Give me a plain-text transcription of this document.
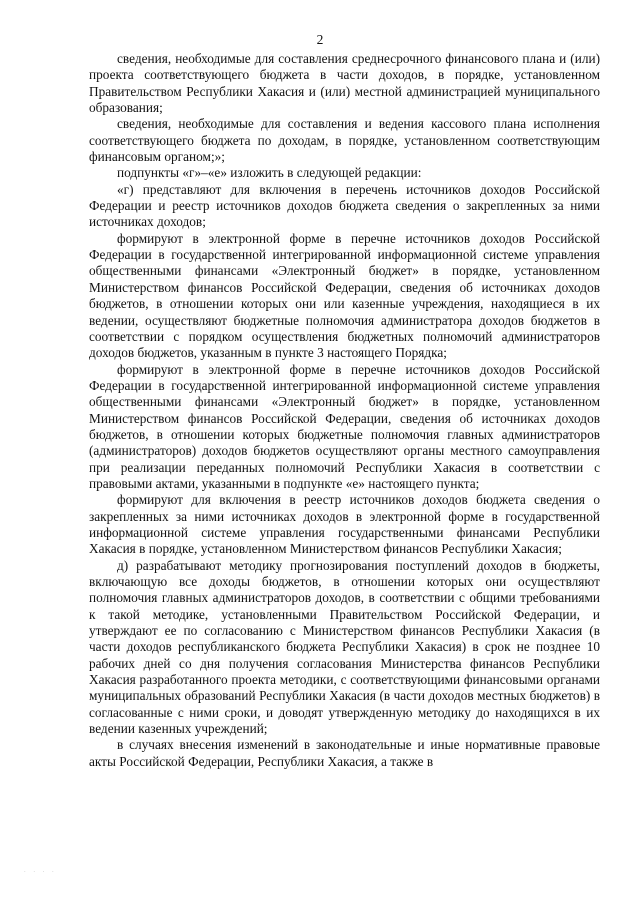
2

сведения, необходимые для составления среднесрочного финансового плана и (или) проекта соответствующего бюджета в части доходов, в порядке, установленном Правительством Республики Хакасия и (или) местной администрацией муниципального образования;

сведения, необходимые для составления и ведения кассового плана исполнения соответствующего бюджета по доходам, в порядке, установленном соответствующим финансовым органом;»;

подпункты «г»–«е» изложить в следующей редакции:

«г) представляют для включения в перечень источников доходов Российской Федерации и реестр источников доходов бюджета сведения о закрепленных за ними источниках доходов;

формируют в электронной форме в перечне источников доходов Российской Федерации в государственной интегрированной информационной системе управления общественными финансами «Электронный бюджет» в порядке, установленном Министерством финансов Российской Федерации, сведения об источниках доходов бюджетов, в отношении которых они или казенные учреждения, находящиеся в их ведении, осуществляют бюджетные полномочия администратора доходов бюджетов в соответствии с порядком осуществления бюджетных полномочий администраторов доходов бюджетов, указанным в пункте 3 настоящего Порядка;

формируют в электронной форме в перечне источников доходов Российской Федерации в государственной интегрированной информационной системе управления общественными финансами «Электронный бюджет» в порядке, установленном Министерством финансов Российской Федерации, сведения об источниках доходов бюджетов, в отношении которых бюджетные полномочия главных администраторов (администраторов) доходов бюджетов осуществляют органы местного самоуправления при реализации переданных полномочий Республики Хакасия в соответствии с правовыми актами, указанными в подпункте «е» настоящего пункта;

формируют для включения в реестр источников доходов бюджета сведения о закрепленных за ними источниках доходов в электронной форме в государственной информационной системе управления государственными финансами Республики Хакасия в порядке, установленном Министерством финансов Республики Хакасия;

д) разрабатывают методику прогнозирования поступлений доходов в бюджеты, включающую все доходы бюджетов, в отношении которых они осуществляют полномочия главных администраторов доходов, в соответствии с общими требованиями к такой методике, установленными Правительством Российской Федерации, и утверждают ее по согласованию с Министерством финансов Республики Хакасия (в части доходов республиканского бюджета Республики Хакасия) в срок не позднее 10 рабочих дней со дня получения согласования Министерства финансов Республики Хакасия разработанного проекта методики, с соответствующими финансовыми органами муниципальных образований Республики Хакасия (в части доходов местных бюджетов) в согласованные с ними сроки, и доводят утвержденную методику до находящихся в их ведении казенных учреждений;

в случаях внесения изменений в законодательные и иные нормативные правовые акты Российской Федерации, Республики Хакасия, а также в

. . . .
